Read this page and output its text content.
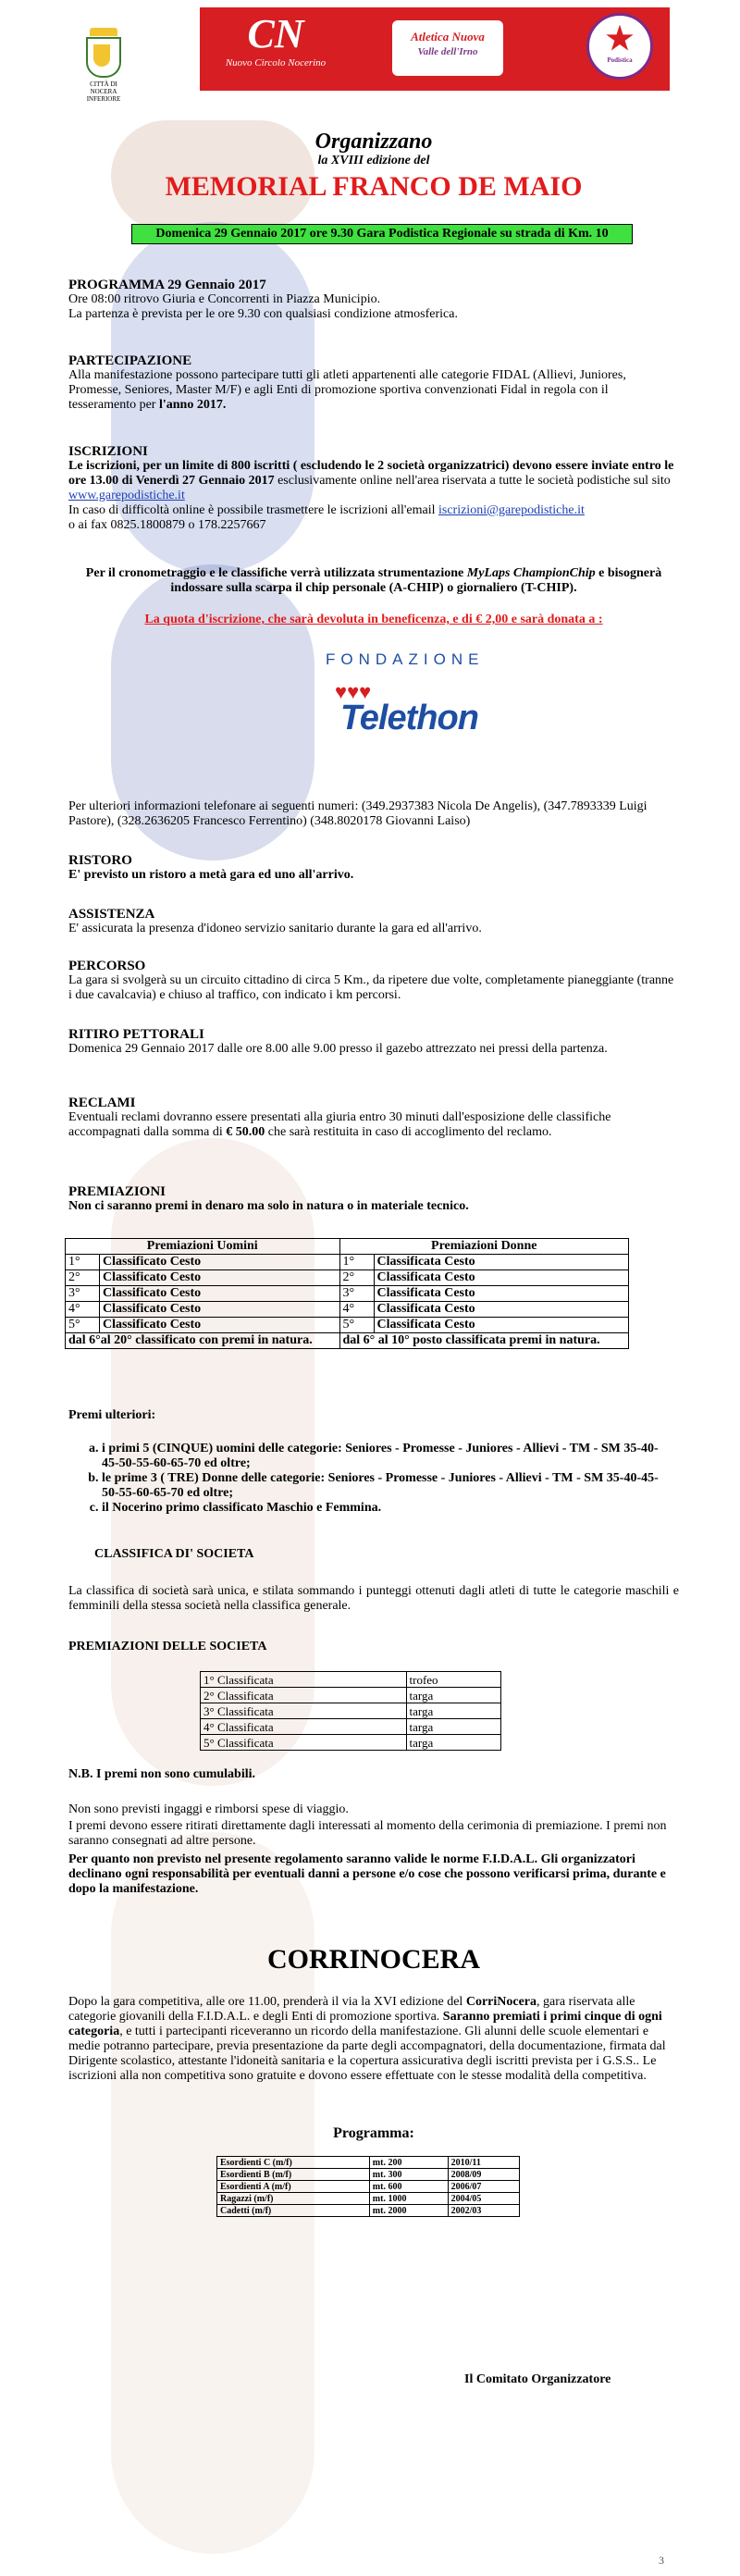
CITTÀ DI NOCERA INFERIORE
CN
Nuovo Circolo Nocerino
Atletica Nuova
Valle dell'Irno	★
Podistica
Organizzano
la XVIII edizione del
MEMORIAL FRANCO DE MAIO
Domenica 29 Gennaio 2017 ore 9.30 Gara Podistica Regionale su strada di Km. 10
PROGRAMMA 29 Gennaio 2017
Ore 08:00 ritrovo Giuria e Concorrenti in Piazza Municipio.
La partenza è prevista per le ore 9.30 con qualsiasi condizione atmosferica.
PARTECIPAZIONE
Alla manifestazione possono partecipare tutti gli atleti appartenenti alle categorie FIDAL (Allievi, Juniores, Promesse, Seniores, Master M/F) e agli Enti di promozione sportiva convenzionati Fidal in regola con il tesseramento per l'anno 2017.
ISCRIZIONI
Le iscrizioni, per un limite di 800 iscritti ( escludendo le 2 società organizzatrici) devono essere inviate entro le ore 13.00 di Venerdì 27 Gennaio 2017 esclusivamente online nell'area riservata a tutte le società podistiche sul sito www.garepodistiche.it
In caso di difficoltà online è possibile trasmettere le iscrizioni all'email iscrizioni@garepodistiche.it
o ai fax 0825.1800879 o 178.2257667
Per il cronometraggio e le classifiche verrà utilizzata strumentazione MyLaps ChampionChip e bisognerà indossare sulla scarpa il chip personale (A-CHIP) o giornaliero (T-CHIP).
La quota d'iscrizione, che sarà devoluta in beneficenza, e di € 2,00 e sarà donata a :
FONDAZIONE
♥♥♥
Telethon
Per ulteriori informazioni telefonare ai seguenti numeri: (349.2937383 Nicola De Angelis), (347.7893339 Luigi Pastore), (328.2636205 Francesco Ferrentino) (348.8020178 Giovanni Laiso)
RISTORO
E' previsto un ristoro a metà gara ed uno all'arrivo.
ASSISTENZA
E' assicurata la presenza d'idoneo servizio sanitario durante la gara ed all'arrivo.
PERCORSO
La gara si svolgerà su un circuito cittadino di circa 5 Km., da ripetere due volte, completamente pianeggiante (tranne i due cavalcavia) e chiuso al traffico, con indicato i km percorsi.
RITIRO PETTORALI
Domenica 29 Gennaio 2017 dalle ore 8.00 alle 9.00 presso il gazebo attrezzato nei pressi della partenza.
RECLAMI
Eventuali reclami dovranno essere presentati alla giuria entro 30 minuti dall'esposizione delle classifiche accompagnati dalla somma di € 50.00 che sarà restituita in caso di accoglimento del reclamo.
PREMIAZIONI
Non ci saranno premi in denaro ma solo in natura o in materiale tecnico.
Premiazioni Uomini		Premiazioni Donne	
1°	Classificato Cesto	1°	Classificata Cesto
2°	Classificato Cesto	2°	Classificata Cesto
3°	Classificato Cesto	3°	Classificata Cesto
4°	Classificato Cesto	4°	Classificata Cesto
5°	Classificato Cesto	5°	Classificata Cesto
dal 6°al 20° classificato con premi in natura.		dal 6° al 10° posto classificata premi in natura.	
Premi ulteriori:
a. i primi 5 (CINQUE) uomini delle categorie: Seniores - Promesse - Juniores - Allievi - TM - SM 35-40-45-50-55-60-65-70 ed oltre;
b. le prime 3 ( TRE) Donne delle categorie: Seniores - Promesse - Juniores - Allievi - TM - SM 35-40-45-50-55-60-65-70 ed oltre;
c. il Nocerino primo classificato Maschio e Femmina.
CLASSIFICA DI' SOCIETA
La classifica di società sarà unica, e stilata sommando i punteggi ottenuti dagli atleti di tutte le categorie maschili e femminili della stessa società nella classifica generale.
PREMIAZIONI DELLE SOCIETA
1° Classificata	trofeo
2° Classificata	targa
3° Classificata	targa
4° Classificata	targa
5° Classificata	targa
N.B. I premi non sono cumulabili.
Non sono previsti ingaggi e rimborsi spese di viaggio.
I premi devono essere ritirati direttamente dagli interessati al momento della cerimonia di premiazione. I premi non saranno consegnati ad altre persone.
Per quanto non previsto nel presente regolamento saranno valide le norme F.I.D.A.L. Gli organizzatori declinano ogni responsabilità per eventuali danni a persone e/o cose che possono verificarsi prima, durante e dopo la manifestazione.
CORRINOCERA
Dopo la gara competitiva, alle ore 11.00, prenderà il via la XVI edizione del CorriNocera, gara riservata alle categorie giovanili della F.I.D.A.L. e degli Enti di promozione sportiva. Saranno premiati i primi cinque di ogni categoria, e tutti i partecipanti riceveranno un ricordo della manifestazione. Gli alunni delle scuole elementari e medie potranno partecipare, previa presentazione da parte degli accompagnatori, della documentazione, firmata dal Dirigente scolastico, attestante l'idoneità sanitaria e la copertura assicurativa degli iscritti prevista per i G.S.S.. Le iscrizioni alla non competitiva sono gratuite e dovono essere effettuate con le stesse modalità della competitiva.
Programma:
Esordienti C (m/f)	mt. 200	2010/11
Esordienti B (m/f)	mt. 300	2008/09
Esordienti A (m/f)	mt. 600	2006/07
Ragazzi (m/f)	mt. 1000	2004/05
Cadetti (m/f)	mt. 2000	2002/03
Il Comitato Organizzatore
3
